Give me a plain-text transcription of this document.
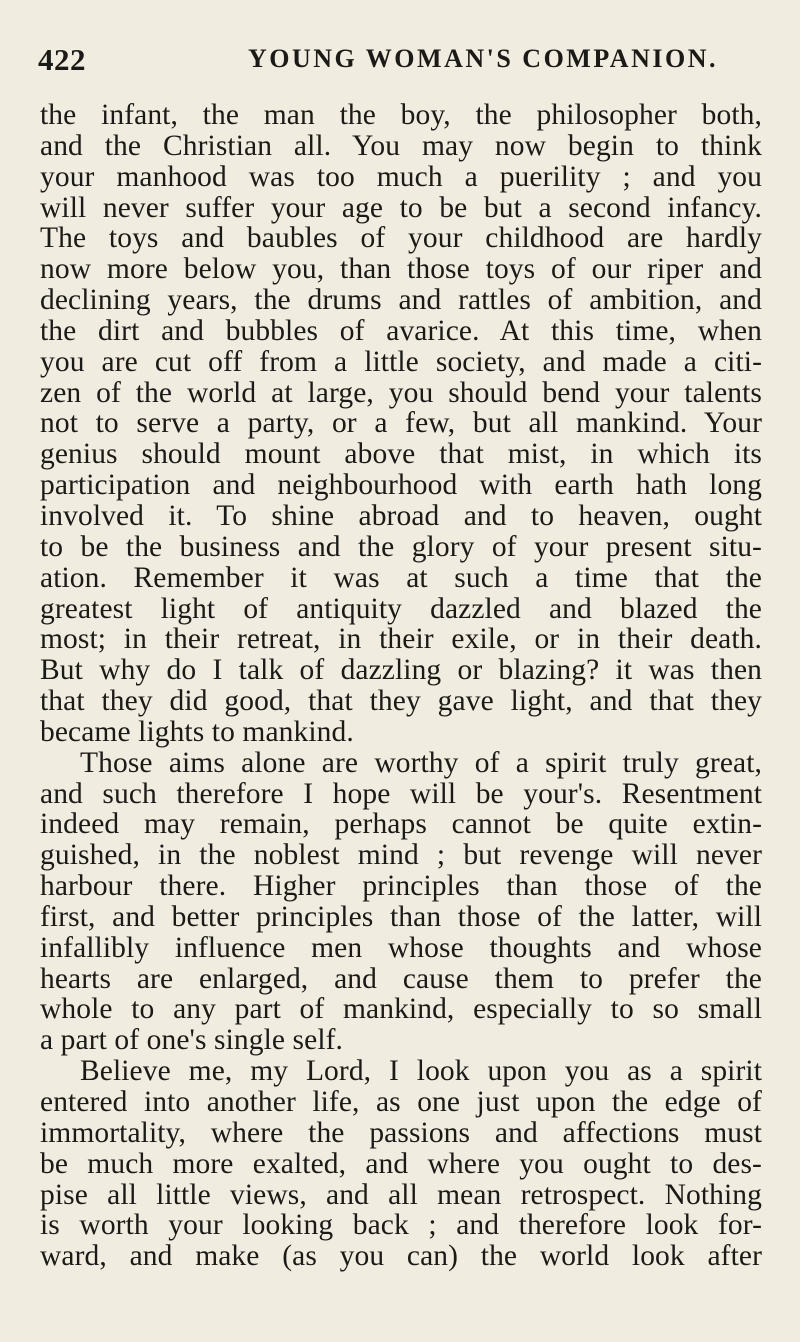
422	YOUNG WOMAN'S COMPANION.
the infant, the man the boy, the philosopher both,
and the Christian all. You may now begin to think
your manhood was too much a puerility ; and you
will never suffer your age to be but a second infancy.
The toys and baubles of your childhood are hardly
now more below you, than those toys of our riper and
declining years, the drums and rattles of ambition, and
the dirt and bubbles of avarice. At this time, when
you are cut off from a little society, and made a citi-
zen of the world at large, you should bend your talents
not to serve a party, or a few, but all mankind. Your
genius should mount above that mist, in which its
participation and neighbourhood with earth hath long
involved it. To shine abroad and to heaven, ought
to be the business and the glory of your present situ-
ation. Remember it was at such a time that the
greatest light of antiquity dazzled and blazed the
most; in their retreat, in their exile, or in their death.
But why do I talk of dazzling or blazing? it was then
that they did good, that they gave light, and that they
became lights to mankind.
Those aims alone are worthy of a spirit truly great,
and such therefore I hope will be your's. Resentment
indeed may remain, perhaps cannot be quite extin-
guished, in the noblest mind ; but revenge will never
harbour there. Higher principles than those of the
first, and better principles than those of the latter, will
infallibly influence men whose thoughts and whose
hearts are enlarged, and cause them to prefer the
whole to any part of mankind, especially to so small
a part of one's single self.
Believe me, my Lord, I look upon you as a spirit
entered into another life, as one just upon the edge of
immortality, where the passions and affections must
be much more exalted, and where you ought to des-
pise all little views, and all mean retrospect. Nothing
is worth your looking back ; and therefore look for-
ward, and make (as you can) the world look after
